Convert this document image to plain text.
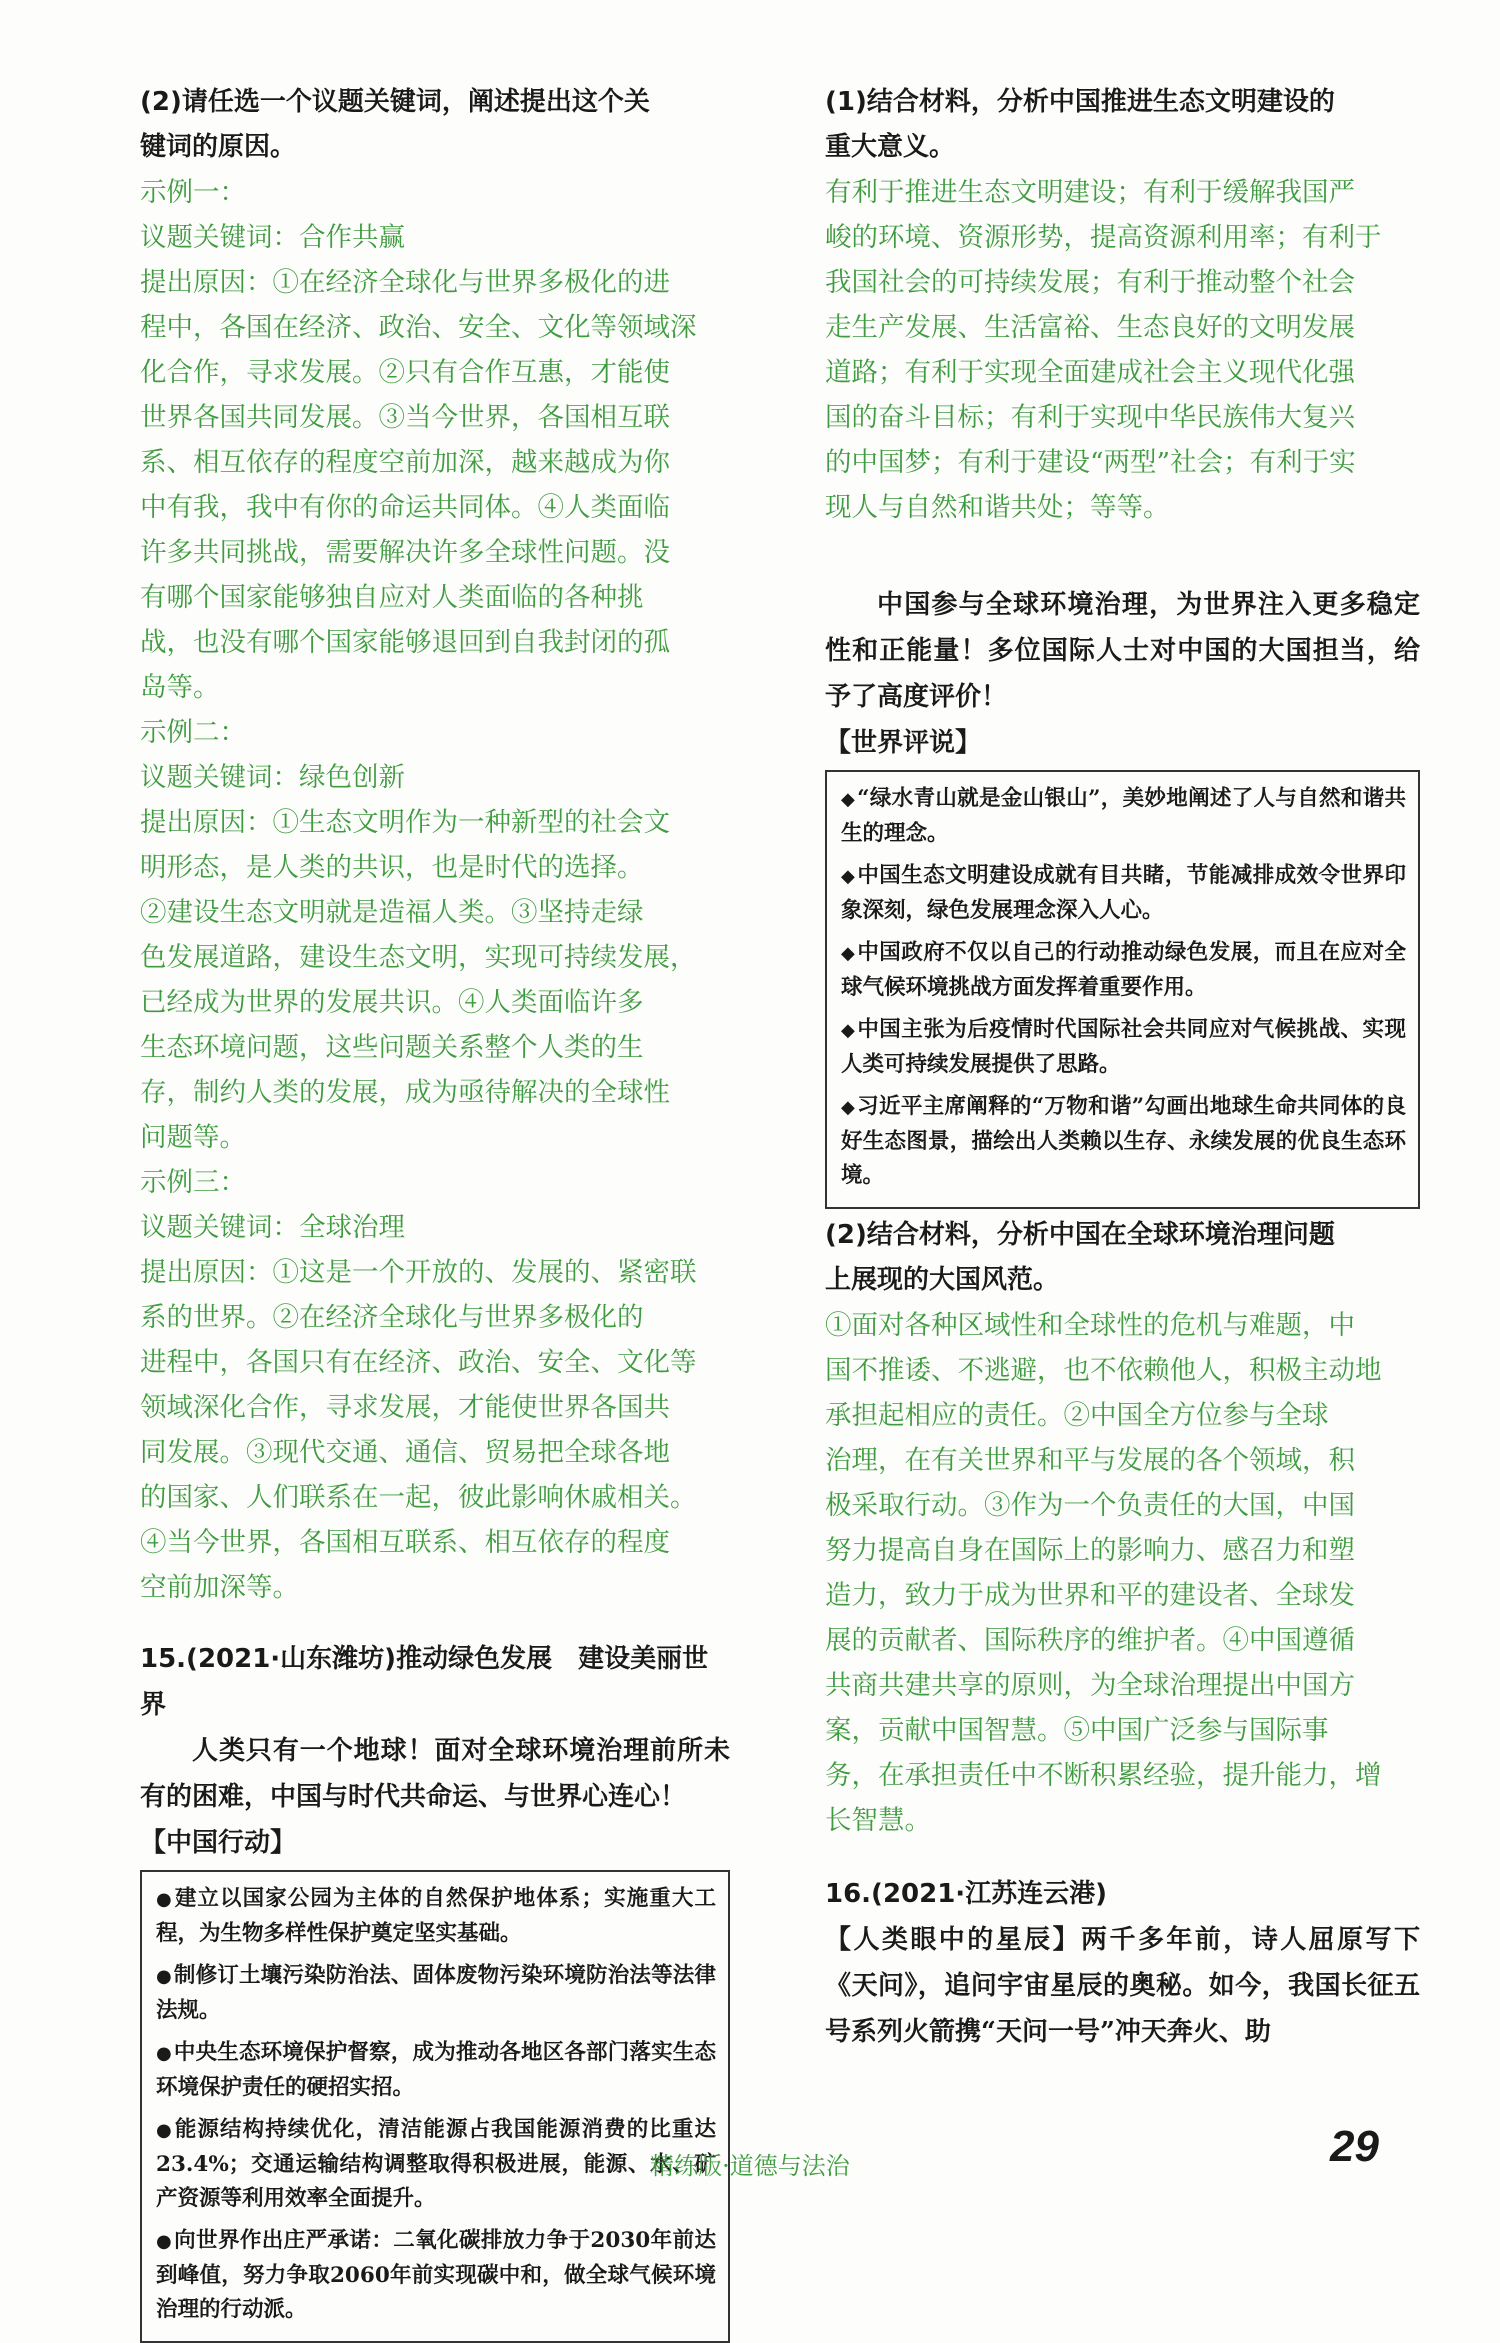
(2)请任选一个议题关键词，阐述提出这个关

键词的原因。

示例一：
议题关键词：合作共赢
提出原因：①在经济全球化与世界多极化的进
程中，各国在经济、政治、安全、文化等领域深
化合作，寻求发展。②只有合作互惠，才能使
世界各国共同发展。③当今世界，各国相互联
系、相互依存的程度空前加深，越来越成为你
中有我，我中有你的命运共同体。④人类面临
许多共同挑战，需要解决许多全球性问题。没
有哪个国家能够独自应对人类面临的各种挑
战，也没有哪个国家能够退回到自我封闭的孤
岛等。
示例二：
议题关键词：绿色创新
提出原因：①生态文明作为一种新型的社会文
明形态，是人类的共识，也是时代的选择。
②建设生态文明就是造福人类。③坚持走绿
色发展道路，建设生态文明，实现可持续发展，
已经成为世界的发展共识。④人类面临许多
生态环境问题，这些问题关系整个人类的生
存，制约人类的发展，成为亟待解决的全球性
问题等。
示例三：
议题关键词：全球治理
提出原因：①这是一个开放的、发展的、紧密联
系的世界。②在经济全球化与世界多极化的
进程中，各国只有在经济、政治、安全、文化等
领域深化合作，寻求发展，才能使世界各国共
同发展。③现代交通、通信、贸易把全球各地
的国家、人们联系在一起，彼此影响休戚相关。
④当今世界，各国相互联系、相互依存的程度
空前加深等。

15.(2021·山东潍坊)推动绿色发展　建设美丽世界

人类只有一个地球！面对全球环境治理前所未有的困难，中国与时代共命运、与世界心连心！

【中国行动】

●建立以国家公园为主体的自然保护地体系；实施重大工程，为生物多样性保护奠定坚实基础。

●制修订土壤污染防治法、固体废物污染环境防治法等法律法规。

●中央生态环境保护督察，成为推动各地区各部门落实生态环境保护责任的硬招实招。

●能源结构持续优化，清洁能源占我国能源消费的比重达23.4%；交通运输结构调整取得积极进展，能源、水、矿产资源等利用效率全面提升。

●向世界作出庄严承诺：二氧化碳排放力争于2030年前达到峰值，努力争取2060年前实现碳中和，做全球气候环境治理的行动派。

(1)结合材料，分析中国推进生态文明建设的

重大意义。

有利于推进生态文明建设；有利于缓解我国严
峻的环境、资源形势，提高资源利用率；有利于
我国社会的可持续发展；有利于推动整个社会
走生产发展、生活富裕、生态良好的文明发展
道路；有利于实现全面建成社会主义现代化强
国的奋斗目标；有利于实现中华民族伟大复兴
的中国梦；有利于建设“两型”社会；有利于实
现人与自然和谐共处；等等。

中国参与全球环境治理，为世界注入更多稳定性和正能量！多位国际人士对中国的大国担当，给予了高度评价！

【世界评说】

◆“绿水青山就是金山银山”，美妙地阐述了人与自然和谐共生的理念。

◆中国生态文明建设成就有目共睹，节能减排成效令世界印象深刻，绿色发展理念深入人心。

◆中国政府不仅以自己的行动推动绿色发展，而且在应对全球气候环境挑战方面发挥着重要作用。

◆中国主张为后疫情时代国际社会共同应对气候挑战、实现人类可持续发展提供了思路。

◆习近平主席阐释的“万物和谐”勾画出地球生命共同体的良好生态图景，描绘出人类赖以生存、永续发展的优良生态环境。

(2)结合材料，分析中国在全球环境治理问题

上展现的大国风范。

①面对各种区域性和全球性的危机与难题，中
国不推诿、不逃避，也不依赖他人，积极主动地
承担起相应的责任。②中国全方位参与全球
治理，在有关世界和平与发展的各个领域，积
极采取行动。③作为一个负责任的大国，中国
努力提高自身在国际上的影响力、感召力和塑
造力，致力于成为世界和平的建设者、全球发
展的贡献者、国际秩序的维护者。④中国遵循
共商共建共享的原则，为全球治理提出中国方
案，贡献中国智慧。⑤中国广泛参与国际事
务，在承担责任中不断积累经验，提升能力，增
长智慧。

16.(2021·江苏连云港)

【人类眼中的星辰】两千多年前，诗人屈原写下《天问》，追问宇宙星辰的奥秘。如今，我国长征五号系列火箭携“天问一号”冲天奔火、助

精练版·道德与法治	29
